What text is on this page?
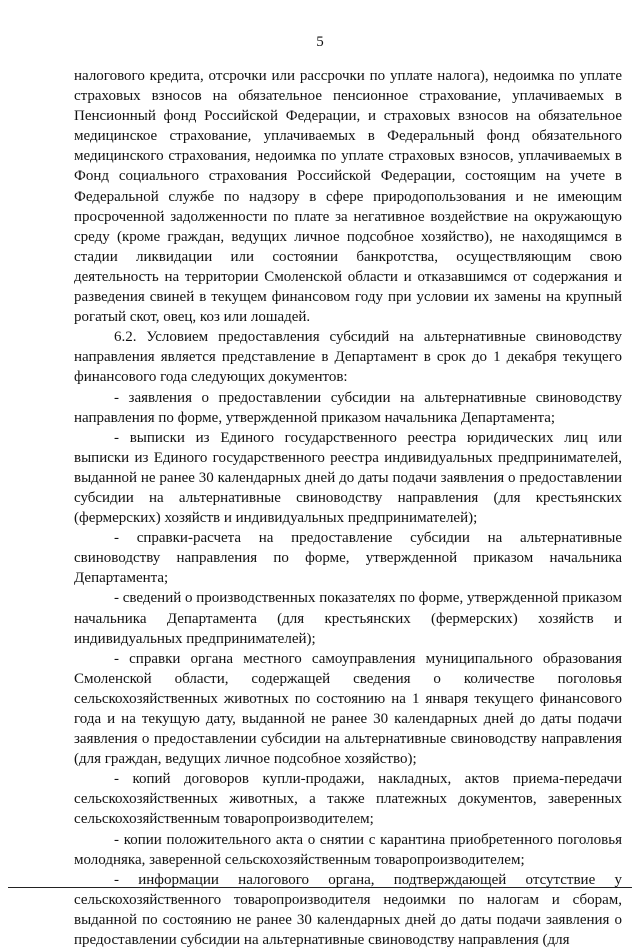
5

налогового кредита, отсрочки или рассрочки по уплате налога), недоимка по уплате страховых взносов на обязательное пенсионное страхование, уплачиваемых в Пенсионный фонд Российской Федерации, и страховых взносов на обязательное медицинское страхование, уплачиваемых в Федеральный фонд обязательного медицинского страхования, недоимка по уплате страховых взносов, уплачиваемых в Фонд социального страхования Российской Федерации, состоящим на учете в Федеральной службе по надзору в сфере природопользования и не имеющим просроченной задолженности по плате за негативное воздействие на окружающую среду (кроме граждан, ведущих личное подсобное хозяйство), не находящимся в стадии ликвидации или состоянии банкротства, осуществляющим свою деятельность на территории Смоленской области и отказавшимся от содержания и разведения свиней в текущем финансовом году при условии их замены на крупный рогатый скот, овец, коз или лошадей.

6.2. Условием предоставления субсидий на альтернативные свиноводству направления является представление в Департамент в срок до 1 декабря текущего финансового года следующих документов:

- заявления о предоставлении субсидии на альтернативные свиноводству направления по форме, утвержденной приказом начальника Департамента;

- выписки из Единого государственного реестра юридических лиц или выписки из Единого государственного реестра индивидуальных предпринимателей, выданной не ранее 30 календарных дней до даты подачи заявления о предоставлении субсидии на альтернативные свиноводству направления (для крестьянских (фермерских) хозяйств и индивидуальных предпринимателей);

- справки-расчета на предоставление субсидии на альтернативные свиноводству направления по форме, утвержденной приказом начальника Департамента;

- сведений о производственных показателях по форме, утвержденной приказом начальника Департамента (для крестьянских (фермерских) хозяйств и индивидуальных предпринимателей);

- справки органа местного самоуправления муниципального образования Смоленской области, содержащей сведения о количестве поголовья сельскохозяйственных животных по состоянию на 1 января текущего финансового года и на текущую дату, выданной не ранее 30 календарных дней до даты подачи заявления о предоставлении субсидии на альтернативные свиноводству направления (для граждан, ведущих личное подсобное хозяйство);

- копий договоров купли-продажи, накладных, актов приема-передачи сельскохозяйственных животных, а также платежных документов, заверенных сельскохозяйственным товаропроизводителем;

- копии положительного акта о снятии с карантина приобретенного поголовья молодняка, заверенной сельскохозяйственным товаропроизводителем;

- информации налогового органа, подтверждающей отсутствие у сельскохозяйственного товаропроизводителя недоимки по налогам и сборам, выданной по состоянию не ранее 30 календарных дней до даты подачи заявления о предоставлении субсидии на альтернативные свиноводству направления (для
